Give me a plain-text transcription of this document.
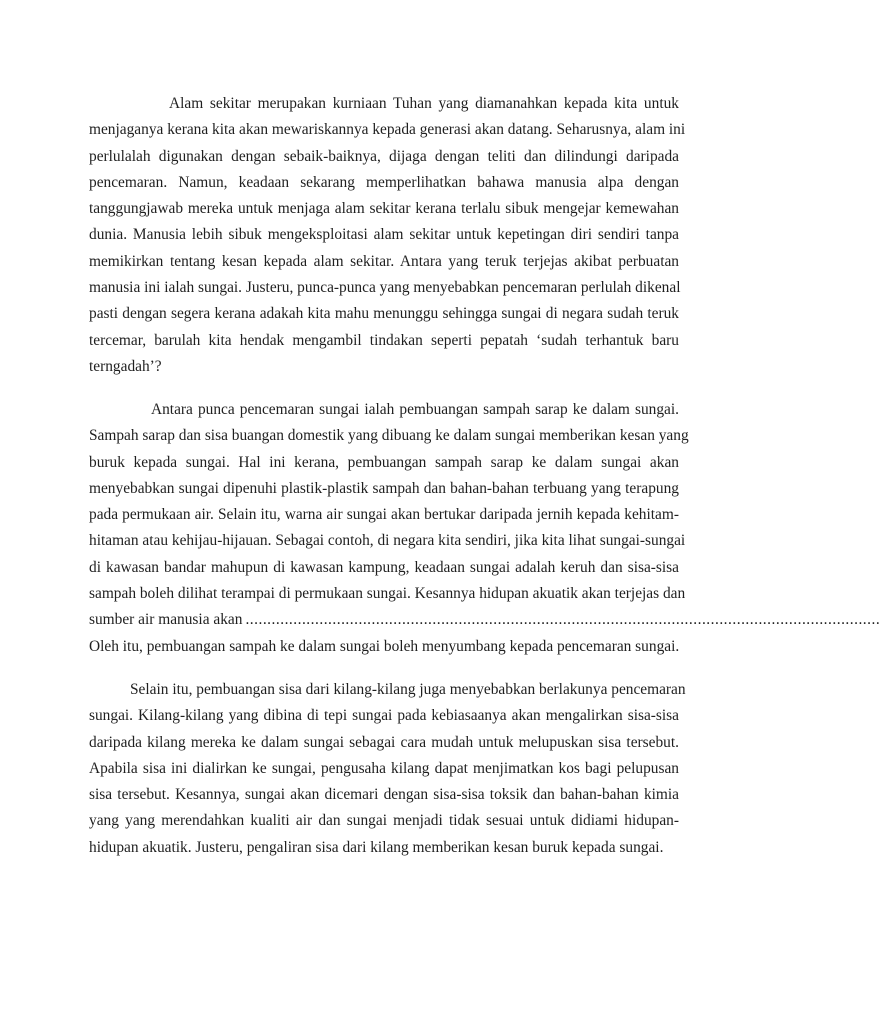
Alam sekitar merupakan kurniaan Tuhan yang diamanahkan kepada kita untuk
menjaganya kerana kita akan mewariskannya kepada generasi akan datang. Seharusnya, alam ini
perlulalah digunakan dengan sebaik-baiknya, dijaga dengan teliti dan dilindungi daripada
pencemaran. Namun, keadaan sekarang memperlihatkan bahawa manusia alpa dengan
tanggungjawab mereka untuk menjaga alam sekitar kerana terlalu sibuk mengejar kemewahan
dunia. Manusia lebih sibuk mengeksploitasi alam sekitar untuk kepetingan diri sendiri tanpa
memikirkan tentang kesan kepada alam sekitar. Antara yang teruk terjejas akibat perbuatan
manusia ini ialah sungai. Justeru, punca-punca yang menyebabkan pencemaran perlulah dikenal
pasti dengan segera kerana adakah kita mahu menunggu sehingga sungai di negara sudah teruk
tercemar, barulah kita hendak mengambil tindakan seperti pepatah ‘sudah terhantuk baru
terngadah’?
Antara punca pencemaran sungai ialah pembuangan sampah sarap ke dalam sungai.
Sampah sarap dan sisa buangan domestik yang dibuang ke dalam sungai memberikan kesan yang
buruk kepada sungai. Hal ini kerana, pembuangan sampah sarap ke dalam sungai akan
menyebabkan sungai dipenuhi plastik-plastik sampah dan bahan-bahan terbuang yang terapung
pada permukaan air. Selain itu, warna air sungai akan bertukar daripada jernih kepada kehitam-
hitaman atau kehijau-hijauan. Sebagai contoh, di negara kita sendiri, jika kita lihat sungai-sungai
di kawasan bandar mahupun di kawasan kampung, keadaan sungai adalah keruh dan sisa-sisa
sampah boleh dilihat terampai di permukaan sungai. Kesannya hidupan akuatik akan terjejas dan
sumber air manusia akan ..................................................................................................................................................
Oleh itu, pembuangan sampah ke dalam sungai boleh menyumbang kepada pencemaran sungai.
Selain itu, pembuangan sisa dari kilang-kilang juga menyebabkan berlakunya pencemaran
sungai. Kilang-kilang yang dibina di tepi sungai pada kebiasaanya akan mengalirkan sisa-sisa
daripada kilang mereka ke dalam sungai sebagai cara mudah untuk melupuskan sisa tersebut.
Apabila sisa ini dialirkan ke sungai, pengusaha kilang dapat menjimatkan kos bagi pelupusan
sisa tersebut. Kesannya, sungai akan dicemari dengan sisa-sisa toksik dan bahan-bahan kimia
yang yang merendahkan kualiti air dan sungai menjadi tidak sesuai untuk didiami hidupan-
hidupan akuatik. Justeru, pengaliran sisa dari kilang memberikan kesan buruk kepada sungai.
